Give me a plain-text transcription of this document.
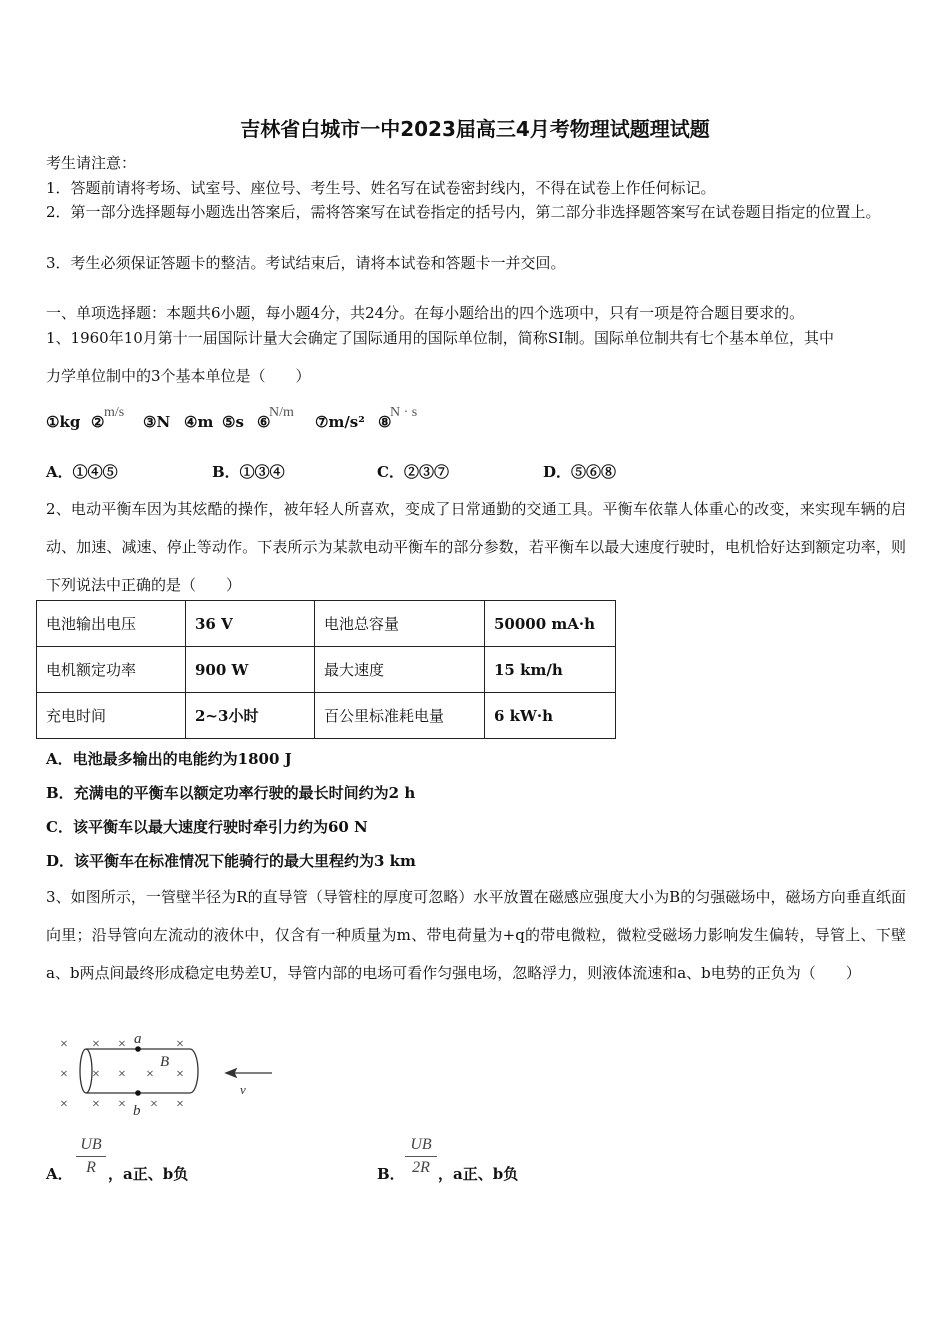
吉林省白城市一中2023届高三4月考物理试题理试题
考生请注意：
1．答题前请将考场、试室号、座位号、考生号、姓名写在试卷密封线内，不得在试卷上作任何标记。
2．第一部分选择题每小题选出答案后，需将答案写在试卷指定的括号内，第二部分非选择题答案写在试卷题目指定的位置上。
3．考生必须保证答题卡的整洁。考试结束后，请将本试卷和答题卡一并交回。
一、单项选择题：本题共6小题，每小题4分，共24分。在每小题给出的四个选项中，只有一项是符合题目要求的。
1、1960年10月第十一届国际计量大会确定了国际通用的国际单位制，简称SI制。国际单位制共有七个基本单位，其中
力学单位制中的3个基本单位是（　　）
①kg ②
m/s
③N ④m ⑤s ⑥
N/m
⑦m/s² ⑧
N · s
A．①④⑤	B．①③④	C．②③⑦	D．⑤⑥⑧
2、电动平衡车因为其炫酷的操作，被年轻人所喜欢，变成了日常通勤的交通工具。平衡车依靠人体重心的改变，来实现车辆的启动、加速、减速、停止等动作。下表所示为某款电动平衡车的部分参数，若平衡车以最大速度行驶时，电机恰好达到额定功率，则下列说法中正确的是（　　）
电池输出电压	36 V	电池总容量	50000 mA·h
电机额定功率	900 W	最大速度	15 km/h
充电时间	2~3小时	百公里标准耗电量	6 kW·h
A．电池最多输出的电能约为1800 J
B．充满电的平衡车以额定功率行驶的最长时间约为2 h
C．该平衡车以最大速度行驶时牵引力约为60 N
D．该平衡车在标准情况下能骑行的最大里程约为3 km
3、如图所示，一管壁半径为R的直导管（导管柱的厚度可忽略）水平放置在磁感应强度大小为B的匀强磁场中，磁场方向垂直纸面向里；沿导管向左流动的液休中，仅含有一种质量为m、带电荷量为+q的带电微粒，微粒受磁场力影响发生偏转，导管上、下壁a、b两点间最终形成稳定电势差U，导管内部的电场可看作匀强电场，忽略浮力，则液体流速和a、b电势的正负为（　　）
× × ×	×
× × × × ×
× × × × ×
a
b
B
v
A． $\frac{UB}{R}$ ，a正、b负	B． $\frac{UB}{2R}$ ，a正、b负
